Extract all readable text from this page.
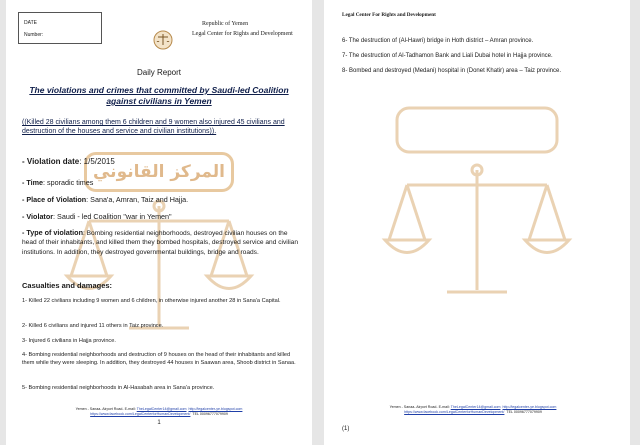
المركز القانوني
DATE
Number:
Republic of Yemen
Legal Center for Rights and Development
Daily Report
The violations and crimes that committed by Saudi-led Coalition against civilians in Yemen
((Killed 28 civilians among them 6 children and 9 women also injured 45 civilians and destruction of the houses and service and civilian institutions)).
- Violation date: 1/5/2015
- Time: sporadic times
- Place of Violation: Sana'a, Amran, Taiz and Hajja.
- Violator: Saudi - led Coalition "war in Yemen"
- Type of violation: Bombing residential neighborhoods, destroyed civilian houses on the head of their inhabitants, and killed them they bombed hospitals, destroyed service and civilian institutions. In addition, they destroyed governmental buildings, bridge and roads.
Casualties and damages:
1- Killed 22 civilians including 9 women and 6 children, in otherwise injured another 28 in Sana'a Capital.
2- Killed 6 civilians and injured 11 others in Taiz province.
3- Injured 6 civilians in Hajja province.
4- Bombing residential neighborhoods and destruction of 9 houses on the head of their inhabitants and killed them while they were sleeping. In addition, they destroyed 44 houses in Saawan area, Shoob district in Sanaa.
5- Bombing residential neighborhoods in Al-Hasabah area in Sana'a province.
Yemen - Sanaa- Airport Road- E-mail: TheLegalCenter14@gmail.com http://legalcenter-ye.blogspot.com
https://www.facebook.com/LegalCenterforHumanDevelopment/ TEL 00096777079909
1
Legal Center For Rights and Development
6- The destruction of (Al-Hawri) bridge in Hoth district – Amran province.
7- The destruction of Al-Tadhamon Bank and Liali Dubai hotel in Hajja province.
8- Bombed and destroyed (Medani) hospital in (Donet Khatir) area – Taiz province.
Yemen - Sanaa- Airport Road- E-mail: TheLegalCenter14@gmail.com http://legalcenter-ye.blogspot.com
https://www.facebook.com/LegalCenterforHumanDevelopment/ TEL 00096777079909
(1)
